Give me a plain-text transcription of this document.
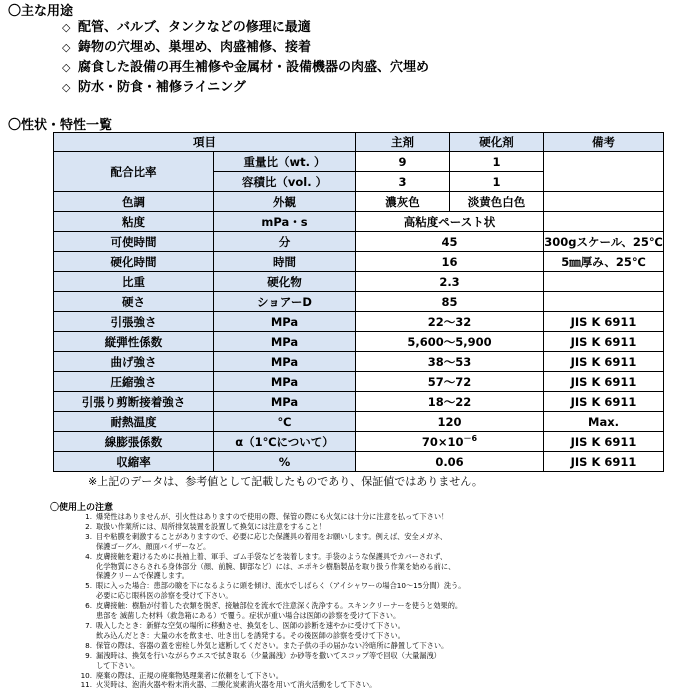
〇主な用途
◇ 配管、バルブ、タンクなどの修理に最適
◇ 鋳物の穴埋め、巣埋め、肉盛補修、接着
◇ 腐食した設備の再生補修や金属材・設備機器の肉盛、穴埋め
◇ 防水・防食・補修ライニング
〇性状・特性一覧
項目		主剤	硬化剤	備考
配合比率	重量比（wt. ）	9	1	
	容積比（vol. ）	3	1	
色調	外観	濃灰色	淡黄色白色	
粘度	mPa・s	高粘度ペースト状		
可使時間	分	45		300gスケール、25℃
硬化時間	時間	16		5㎜厚み、25℃
比重	硬化物	2.3		
硬さ	ショアーD	85		
引張強さ	MPa	22～32		JIS K 6911
縦弾性係数	MPa	5,600～5,900		JIS K 6911
曲げ強さ	MPa	38～53		JIS K 6911
圧縮強さ	MPa	57～72		JIS K 6911
引張り剪断接着強さ	MPa	18～22		JIS K 6911
耐熱温度	℃	120		Max.
線膨張係数	α（1℃について）	$70\times 10^{-6}$		JIS K 6911
収縮率	%	0.06		JIS K 6911
※上記のデータは、参考値として記載したものであり、保証値ではありません。
〇使用上の注意
1. 爆発性はありませんが、引火性はありますので使用の際、保管の際にも火気には十分に注意を払って下さい！
2. 取扱い作業所には、局所排気装置を設置して換気には注意をすること！
3. 目や粘膜を刺激することがありますので、必要に応じた保護具の着用をお願いします。例えば、安全メガネ、
保護ゴーグル、顔面バイザーなど。
4. 皮膚接触を避けるために長袖上着、軍手、ゴム手袋などを装着します。手袋のような保護具でカバーされず、
化学物質にさらされる身体部分（顔、前腕、脚部など）には、エポキシ樹脂製品を取り扱う作業を始める前に、
保護クリームで保護します。
5. 眼に入った場合：患部の瞼を下になるように頭を傾け、流水でしばらく（アイシャワーの場合10～15分間）洗う。
必要に応じ眼科医の診察を受けて下さい。
6. 皮膚接触：樹脂が付着した衣類を脱ぎ、接触部位を流水で注意深く洗浄する。スキンクリーナーを使うと効果的。
患部を 滅菌した材料（救急箱にある）で覆う。症状が重い場合は医師の診察を受けて下さい。
7. 吸入したとき：新鮮な空気の場所に移動させ、換気をし、医師の診断を速やかに受けて下さい。
飲み込んだとき：大量の水を飲ませ、吐き出しを誘発する。その後医師の診察を受けて下さい。
8. 保管の際は、容器の蓋を密栓し外気と遮断してください。また子供の手の届かない冷暗所に静置して下さい。
9. 漏洩時は、換気を行いながらウエスで拭き取る（少量漏洩）か砂等を撒いてスコップ等で回収（大量漏洩）
して下さい。
10. 廃棄の際は、正規の廃棄物処理業者に依頼をして下さい。
11. 火災時は、泡消火器や粉末消火器、二酸化炭素消火器を用いて消火活動をして下さい。
